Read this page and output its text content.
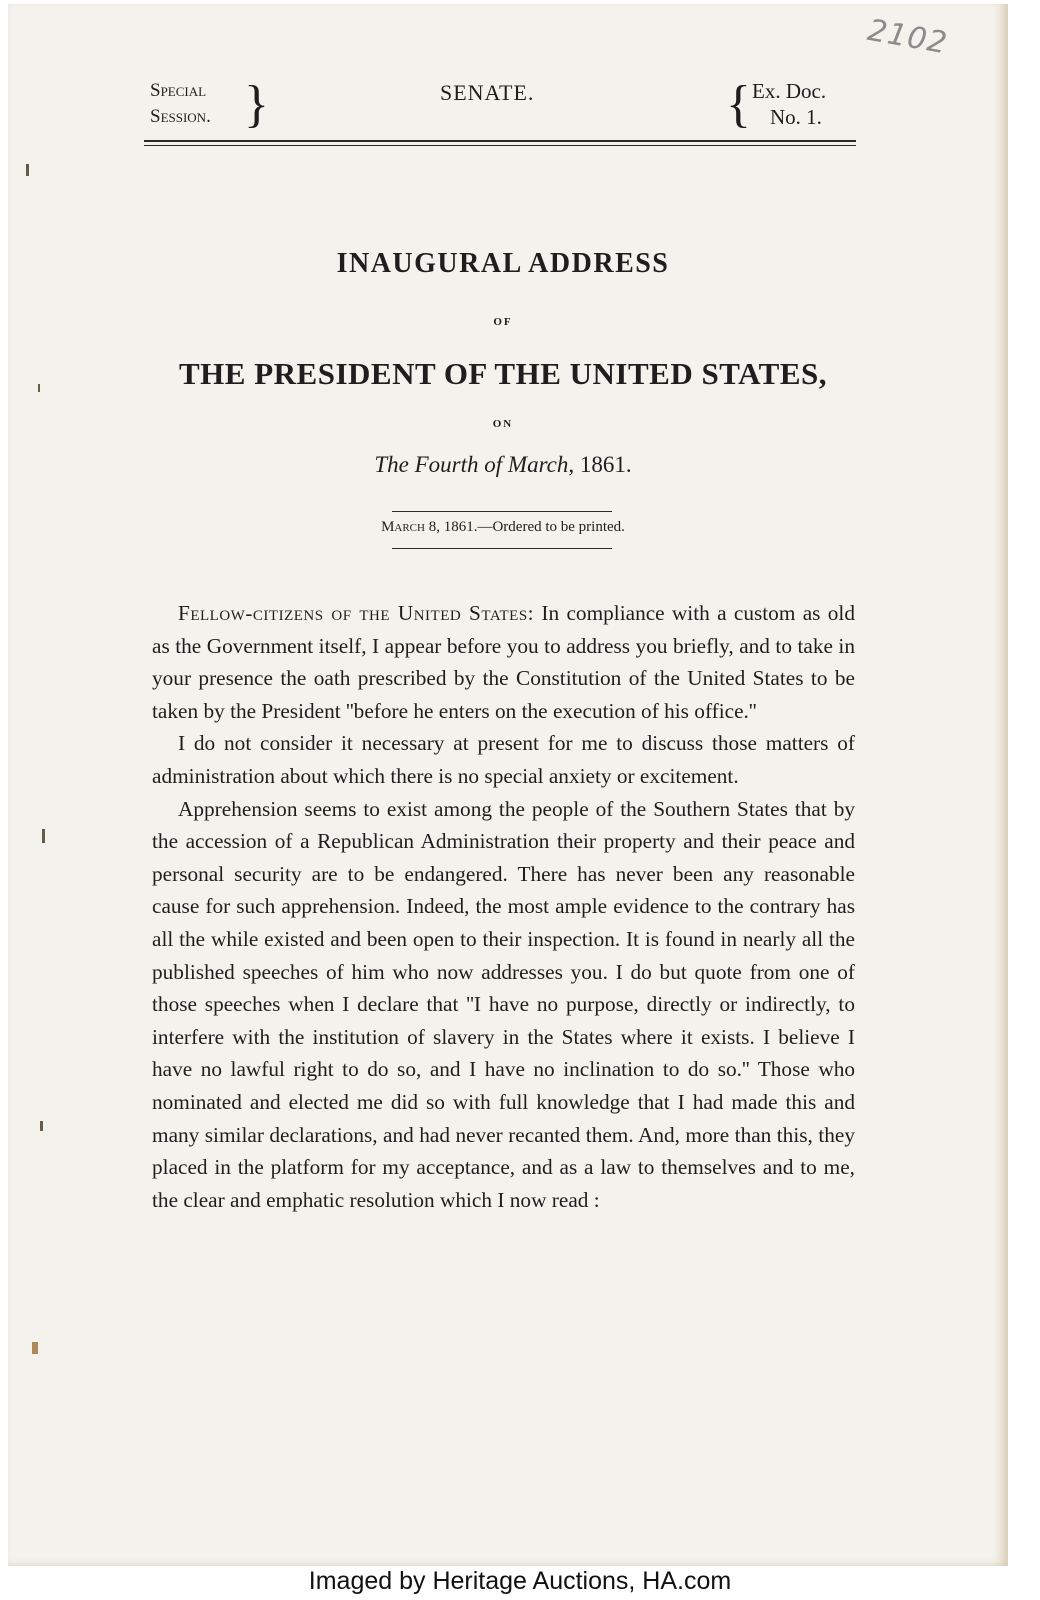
2102
Special
Session. }	SENATE.	{ Ex. Doc.
No. 1.
INAUGURAL ADDRESS
OF
THE PRESIDENT OF THE UNITED STATES,
ON
The Fourth of March, 1861.
March 8, 1861.—Ordered to be printed.

Fellow-citizens of the United States: In compliance with a custom as old as the Government itself, I appear before you to address you briefly, and to take in your presence the oath prescribed by the Constitution of the United States to be taken by the President ''before he enters on the execution of his office.''

I do not consider it necessary at present for me to discuss those matters of administration about which there is no special anxiety or excitement.

Apprehension seems to exist among the people of the Southern States that by the accession of a Republican Administration their property and their peace and personal security are to be endangered. There has never been any reasonable cause for such apprehension. Indeed, the most ample evidence to the contrary has all the while existed and been open to their inspection. It is found in nearly all the published speeches of him who now addresses you. I do but quote from one of those speeches when I declare that ''I have no purpose, directly or indirectly, to interfere with the institution of slavery in the States where it exists. I believe I have no lawful right to do so, and I have no inclination to do so.'' Those who nominated and elected me did so with full knowledge that I had made this and many similar declarations, and had never recanted them. And, more than this, they placed in the platform for my acceptance, and as a law to themselves and to me, the clear and emphatic resolution which I now read :

Imaged by Heritage Auctions, HA.com
